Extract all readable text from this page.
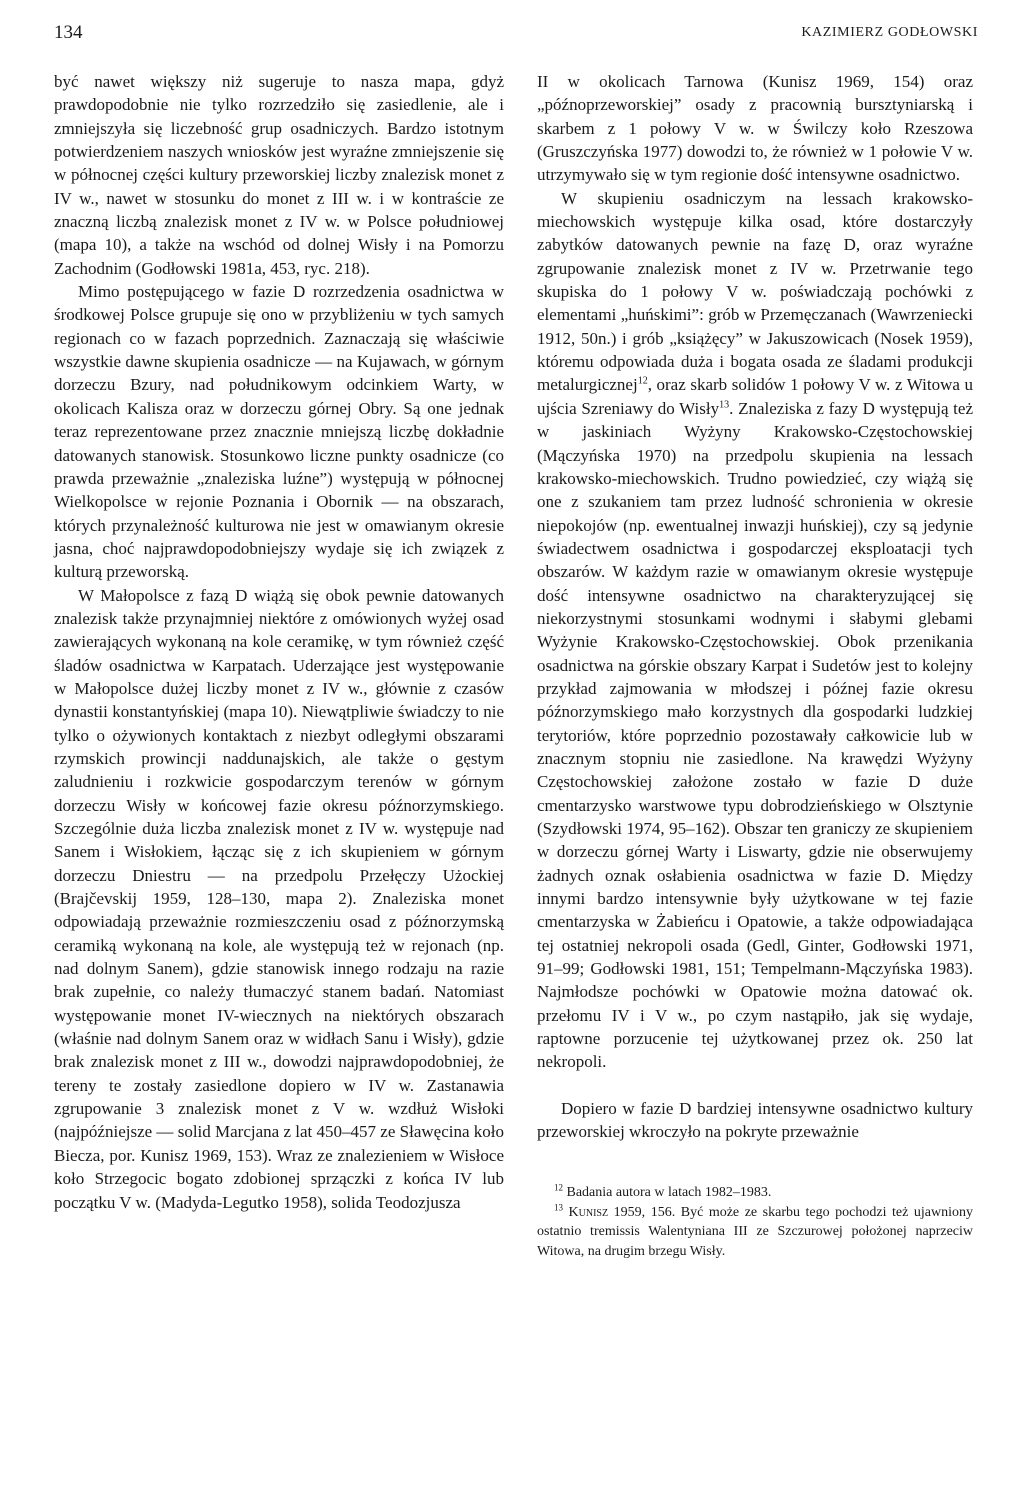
134	KAZIMIERZ GODŁOWSKI

być nawet większy niż sugeruje to nasza mapa, gdyż prawdopodobnie nie tylko rozrzedziło się zasiedlenie, ale i zmniejszyła się liczebność grup osadniczych. Bardzo istotnym potwierdzeniem naszych wniosków jest wyraźne zmniejszenie się w północnej części kultury przeworskiej liczby znalezisk monet z IV w., nawet w stosunku do monet z III w. i w kontraście ze znaczną liczbą znalezisk monet z IV w. w Polsce południowej (mapa 10), a także na wschód od dolnej Wisły i na Pomorzu Zachodnim (Godłowski 1981a, 453, ryc. 218).

Mimo postępującego w fazie D rozrzedzenia osadnictwa w środkowej Polsce grupuje się ono w przybliżeniu w tych samych regionach co w fazach poprzednich. Zaznaczają się właściwie wszystkie dawne skupienia osadnicze — na Kujawach, w górnym dorzeczu Bzury, nad południkowym odcinkiem Warty, w okolicach Kalisza oraz w dorzeczu górnej Obry. Są one jednak teraz reprezentowane przez znacznie mniejszą liczbę dokładnie datowanych stanowisk. Stosunkowo liczne punkty osadnicze (co prawda przeważnie „znaleziska luźne”) występują w północnej Wielkopolsce w rejonie Poznania i Obornik — na obszarach, których przynależność kulturowa nie jest w omawianym okresie jasna, choć najprawdopodobniejszy wydaje się ich związek z kulturą przeworską.

W Małopolsce z fazą D wiążą się obok pewnie datowanych znalezisk także przynajmniej niektóre z omówionych wyżej osad zawierających wykonaną na kole ceramikę, w tym również część śladów osadnictwa w Karpatach. Uderzające jest występowanie w Małopolsce dużej liczby monet z IV w., głównie z czasów dynastii konstantyńskiej (mapa 10). Niewątpliwie świadczy to nie tylko o ożywionych kontaktach z niezbyt odległymi obszarami rzymskich prowincji naddunajskich, ale także o gęstym zaludnieniu i rozkwicie gospodarczym terenów w górnym dorzeczu Wisły w końcowej fazie okresu późnorzymskiego. Szczególnie duża liczba znalezisk monet z IV w. występuje nad Sanem i Wisłokiem, łącząc się z ich skupieniem w górnym dorzeczu Dniestru — na przedpolu Przełęczy Użockiej (Brajčevskij 1959, 128–130, mapa 2). Znaleziska monet odpowiadają przeważnie rozmieszczeniu osad z późnorzymską ceramiką wykonaną na kole, ale występują też w rejonach (np. nad dolnym Sanem), gdzie stanowisk innego rodzaju na razie brak zupełnie, co należy tłumaczyć stanem badań. Natomiast występowanie monet IV-wiecznych na niektórych obszarach (właśnie nad dolnym Sanem oraz w widłach Sanu i Wisły), gdzie brak znalezisk monet z III w., dowodzi najprawdopodobniej, że tereny te zostały zasiedlone dopiero w IV w. Zastanawia zgrupowanie 3 znalezisk monet z V w. wzdłuż Wisłoki (najpóźniejsze — solid Marcjana z lat 450–457 ze Sławęcina koło Biecza, por. Kunisz 1969, 153). Wraz ze znalezieniem w Wisłoce koło Strzegocic bogato zdobionej sprzączki z końca IV lub początku V w. (Madyda-Legutko 1958), solida Teodozjusza

II w okolicach Tarnowa (Kunisz 1969, 154) oraz „późnoprzeworskiej” osady z pracownią bursztyniarską i skarbem z 1 połowy V w. w Świlczy koło Rzeszowa (Gruszczyńska 1977) dowodzi to, że również w 1 połowie V w. utrzymywało się w tym regionie dość intensywne osadnictwo.

W skupieniu osadniczym na lessach krakowsko-miechowskich występuje kilka osad, które dostarczyły zabytków datowanych pewnie na fazę D, oraz wyraźne zgrupowanie znalezisk monet z IV w. Przetrwanie tego skupiska do 1 połowy V w. poświadczają pochówki z elementami „huńskimi”: grób w Przemęczanach (Wawrzeniecki 1912, 50n.) i grób „książęcy” w Jakuszowicach (Nosek 1959), któremu odpowiada duża i bogata osada ze śladami produkcji metalurgicznej$^{12}$, oraz skarb solidów 1 połowy V w. z Witowa u ujścia Szreniawy do Wisły$^{13}$. Znaleziska z fazy D występują też w jaskiniach Wyżyny Krakowsko-Częstochowskiej (Mączyńska 1970) na przedpolu skupienia na lessach krakowsko-miechowskich. Trudno powiedzieć, czy wiążą się one z szukaniem tam przez ludność schronienia w okresie niepokojów (np. ewentualnej inwazji huńskiej), czy są jedynie świadectwem osadnictwa i gospodarczej eksploatacji tych obszarów. W każdym razie w omawianym okresie występuje dość intensywne osadnictwo na charakteryzującej się niekorzystnymi stosunkami wodnymi i słabymi glebami Wyżynie Krakowsko-Częstochowskiej. Obok przenikania osadnictwa na górskie obszary Karpat i Sudetów jest to kolejny przykład zajmowania w młodszej i późnej fazie okresu późnorzymskiego mało korzystnych dla gospodarki ludzkiej terytoriów, które poprzednio pozostawały całkowicie lub w znacznym stopniu nie zasiedlone. Na krawędzi Wyżyny Częstochowskiej założone zostało w fazie D duże cmentarzysko warstwowe typu dobrodzieńskiego w Olsztynie (Szydłowski 1974, 95–162). Obszar ten graniczy ze skupieniem w dorzeczu górnej Warty i Liswarty, gdzie nie obserwujemy żadnych oznak osłabienia osadnictwa w fazie D. Między innymi bardzo intensywnie były użytkowane w tej fazie cmentarzyska w Żabieńcu i Opatowie, a także odpowiadająca tej ostatniej nekropoli osada (Gedl, Ginter, Godłowski 1971, 91–99; Godłowski 1981, 151; Tempelmann-Mączyńska 1983). Najmłodsze pochówki w Opatowie można datować ok. przełomu IV i V w., po czym nastąpiło, jak się wydaje, raptowne porzucenie tej użytkowanej przez ok. 250 lat nekropoli.

Dopiero w fazie D bardziej intensywne osadnictwo kultury przeworskiej wkroczyło na pokryte przeważnie

$^{12}$ Badania autora w latach 1982–1983.

$^{13}$ Kunisz 1959, 156. Być może ze skarbu tego pochodzi też ujawniony ostatnio tremissis Walentyniana III ze Szczurowej położonej naprzeciw Witowa, na drugim brzegu Wisły.
